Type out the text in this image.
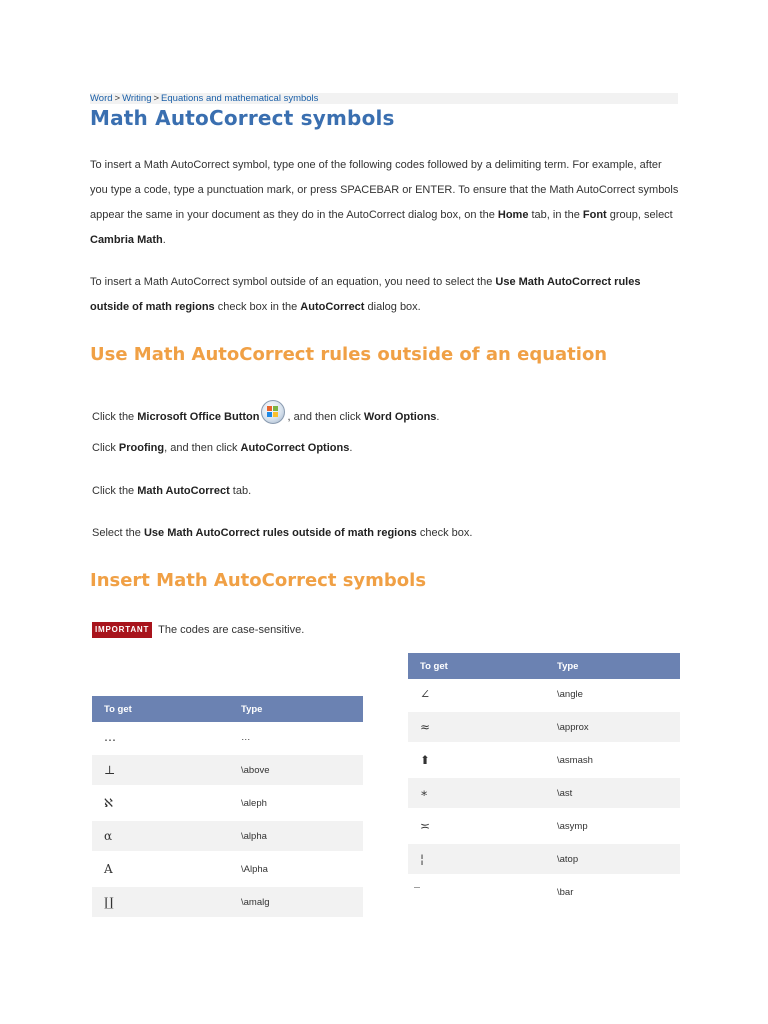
Word > Writing > Equations and mathematical symbols
Math AutoCorrect symbols

To insert a Math AutoCorrect symbol, type one of the following codes followed by a delimiting term. For example, after you type a code, type a punctuation mark, or press SPACEBAR or ENTER. To ensure that the Math AutoCorrect symbols appear the same in your document as they do in the AutoCorrect dialog box, on the Home tab, in the Font group, select Cambria Math.

To insert a Math AutoCorrect symbol outside of an equation, you need to select the Use Math AutoCorrect rules outside of math regions check box in the AutoCorrect dialog box.

Use Math AutoCorrect rules outside of an equation

Click the Microsoft Office Button	, and then click Word Options.

Click Proofing, and then click AutoCorrect Options.

Click the Math AutoCorrect tab.

Select the Use Math AutoCorrect rules outside of math regions check box.

Insert Math AutoCorrect symbols

IMPORTANT The codes are case-sensitive.

To get	Type
…	…
⊥	\above
ℵ	\aleph
α	\alpha
Α	\Alpha
∐	\amalg
To get	Type
∠	\angle
≈	\approx
⬆	\asmash
∗	\ast
≍	\asymp
¦	\atop
	\bar
